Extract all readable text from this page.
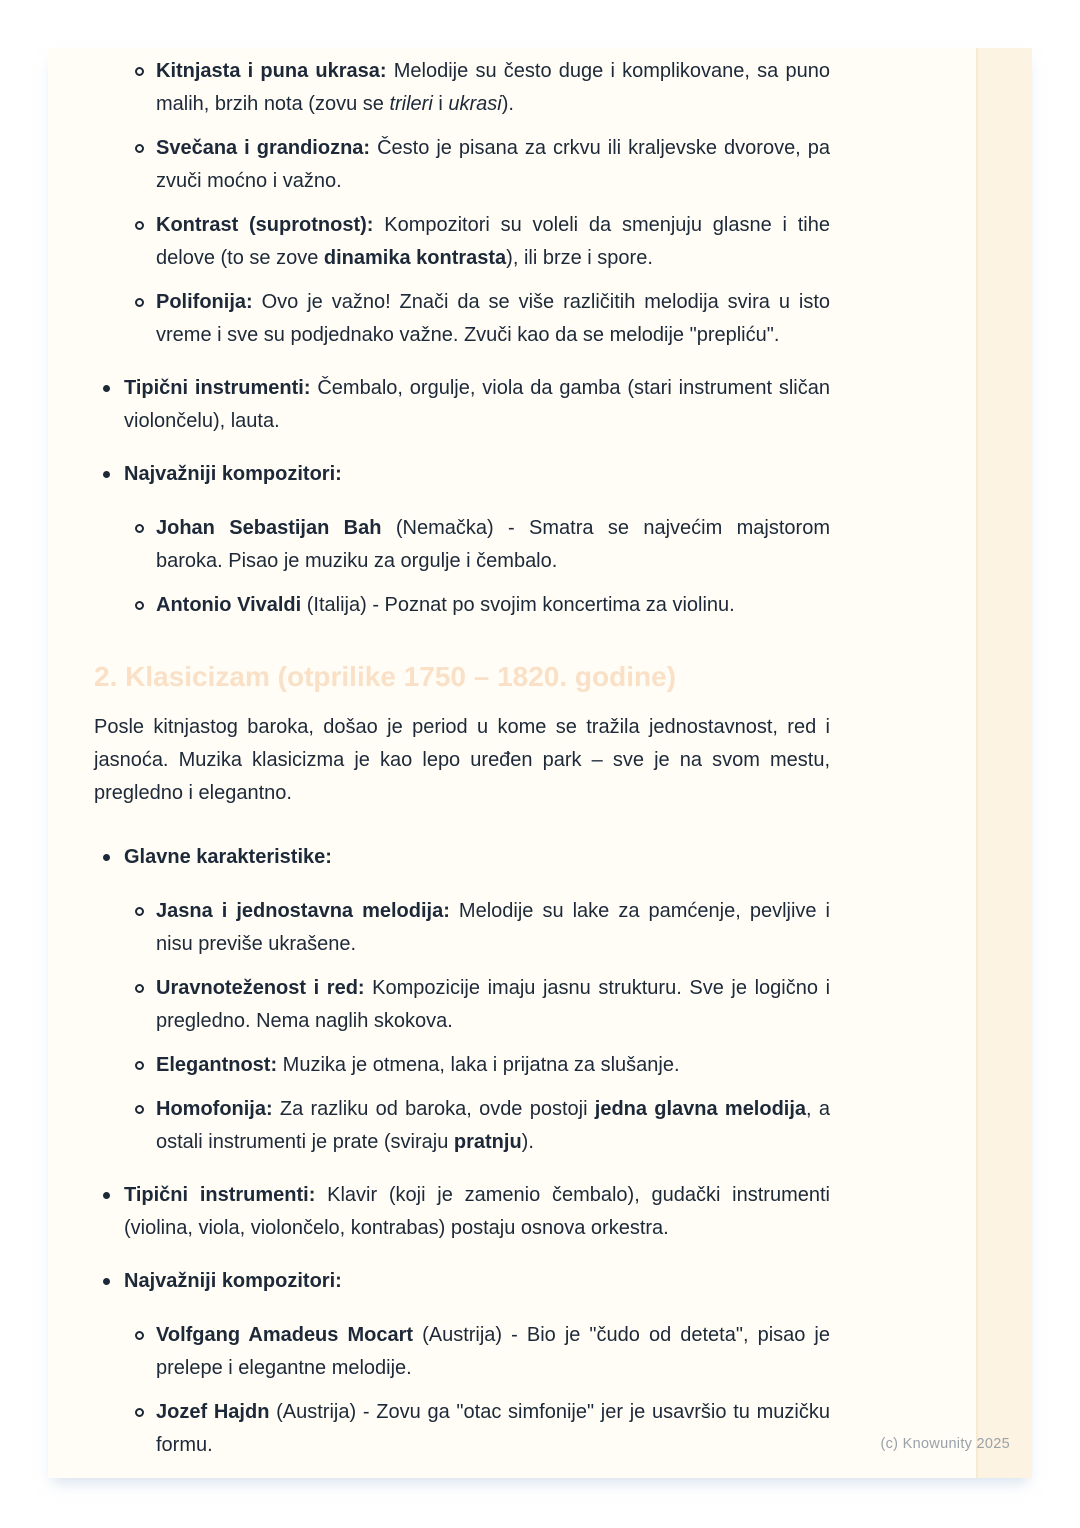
Kitnjasta i puna ukrasa: Melodije su često duge i komplikovane, sa puno malih, brzih nota (zovu se trileri i ukrasi).
Svečana i grandiozna: Često je pisana za crkvu ili kraljevske dvorove, pa zvuči moćno i važno.
Kontrast (suprotnost): Kompozitori su voleli da smenjuju glasne i tihe delove (to se zove dinamika kontrasta), ili brze i spore.
Polifonija: Ovo je važno! Znači da se više različitih melodija svira u isto vreme i sve su podjednako važne. Zvuči kao da se melodije "prepliću".
Tipični instrumenti: Čembalo, orgulje, viola da gamba (stari instrument sličan violončelu), lauta.
Najvažniji kompozitori:
Johan Sebastijan Bah (Nemačka) - Smatra se najvećim majstorom baroka. Pisao je muziku za orgulje i čembalo.
Antonio Vivaldi (Italija) - Poznat po svojim koncertima za violinu.
2. Klasicizam (otprilike 1750 – 1820. godine)
Posle kitnjastog baroka, došao je period u kome se tražila jednostavnost, red i jasnoća. Muzika klasicizma je kao lepo uređen park – sve je na svom mestu, pregledno i elegantno.
Glavne karakteristike:
Jasna i jednostavna melodija: Melodije su lake za pamćenje, pevljive i nisu previše ukrašene.
Uravnoteženost i red: Kompozicije imaju jasnu strukturu. Sve je logično i pregledno. Nema naglih skokova.
Elegantnost: Muzika je otmena, laka i prijatna za slušanje.
Homofonija: Za razliku od baroka, ovde postoji jedna glavna melodija, a ostali instrumenti je prate (sviraju pratnju).
Tipični instrumenti: Klavir (koji je zamenio čembalo), gudački instrumenti (violina, viola, violončelo, kontrabas) postaju osnova orkestra.
Najvažniji kompozitori:
Volfgang Amadeus Mocart (Austrija) - Bio je "čudo od deteta", pisao je prelepe i elegantne melodije.
Jozef Hajdn (Austrija) - Zovu ga "otac simfonije" jer je usavršio tu muzičku formu.	(c) Knowunity 2025
